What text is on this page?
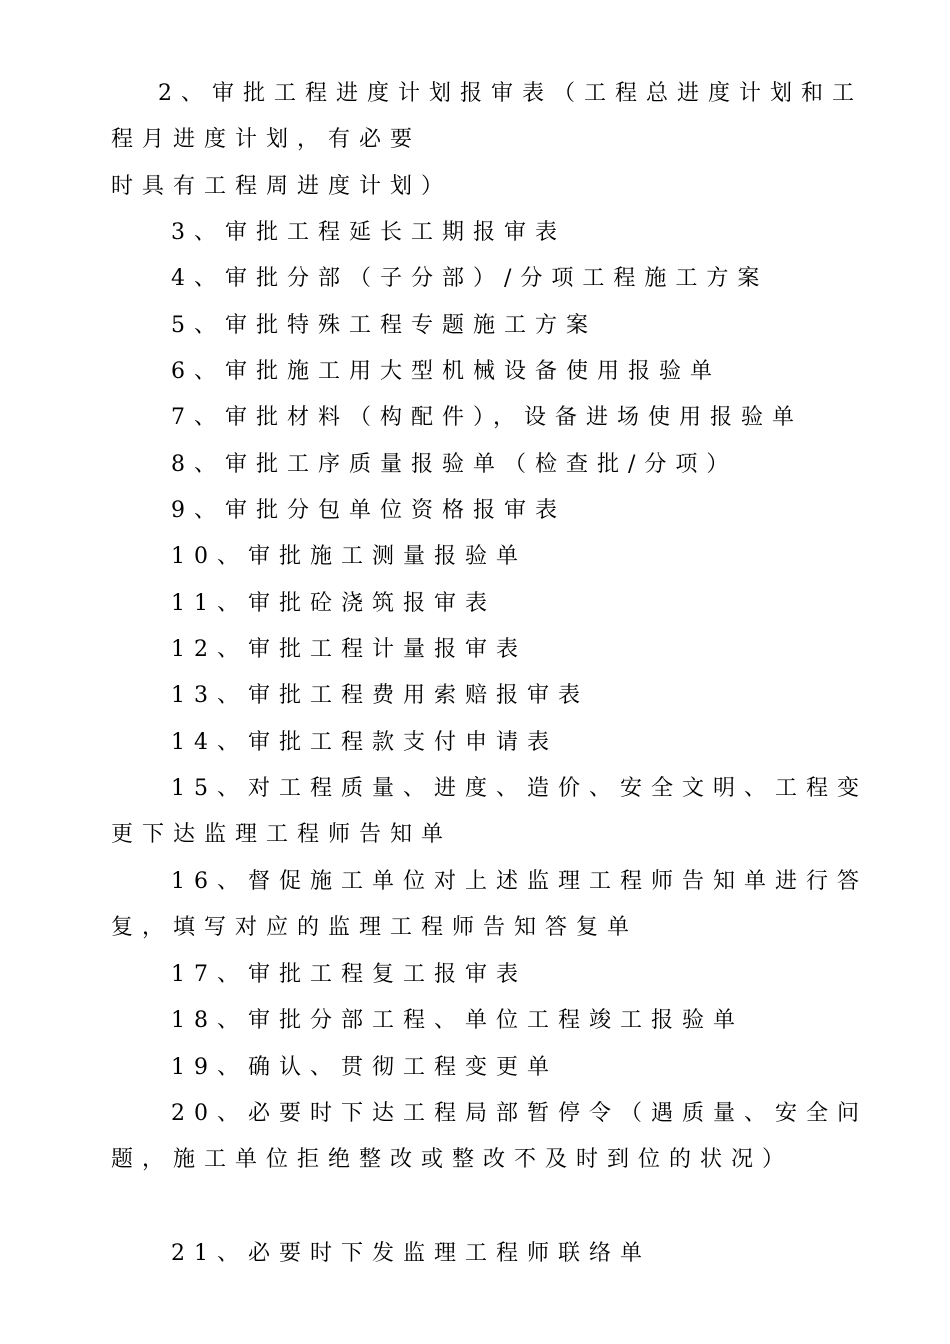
2、审批工程进度计划报审表（工程总进度计划和工
程月进度计划，有必要
时具有工程周进度计划）
3、审批工程延长工期报审表
4、审批分部（子分部）/分项工程施工方案
5、审批特殊工程专题施工方案
6、审批施工用大型机械设备使用报验单
7、审批材料（构配件），设备进场使用报验单
8、审批工序质量报验单（检查批/分项）
9、审批分包单位资格报审表
10、审批施工测量报验单
11、审批砼浇筑报审表
12、审批工程计量报审表
13、审批工程费用索赔报审表
14、审批工程款支付申请表
15、对工程质量、进度、造价、安全文明、工程变
更下达监理工程师告知单
16、督促施工单位对上述监理工程师告知单进行答
复，填写对应的监理工程师告知答复单
17、审批工程复工报审表
18、审批分部工程、单位工程竣工报验单
19、确认、贯彻工程变更单
20、必要时下达工程局部暂停令（遇质量、安全问
题，施工单位拒绝整改或整改不及时到位的状况）
21、必要时下发监理工程师联络单
